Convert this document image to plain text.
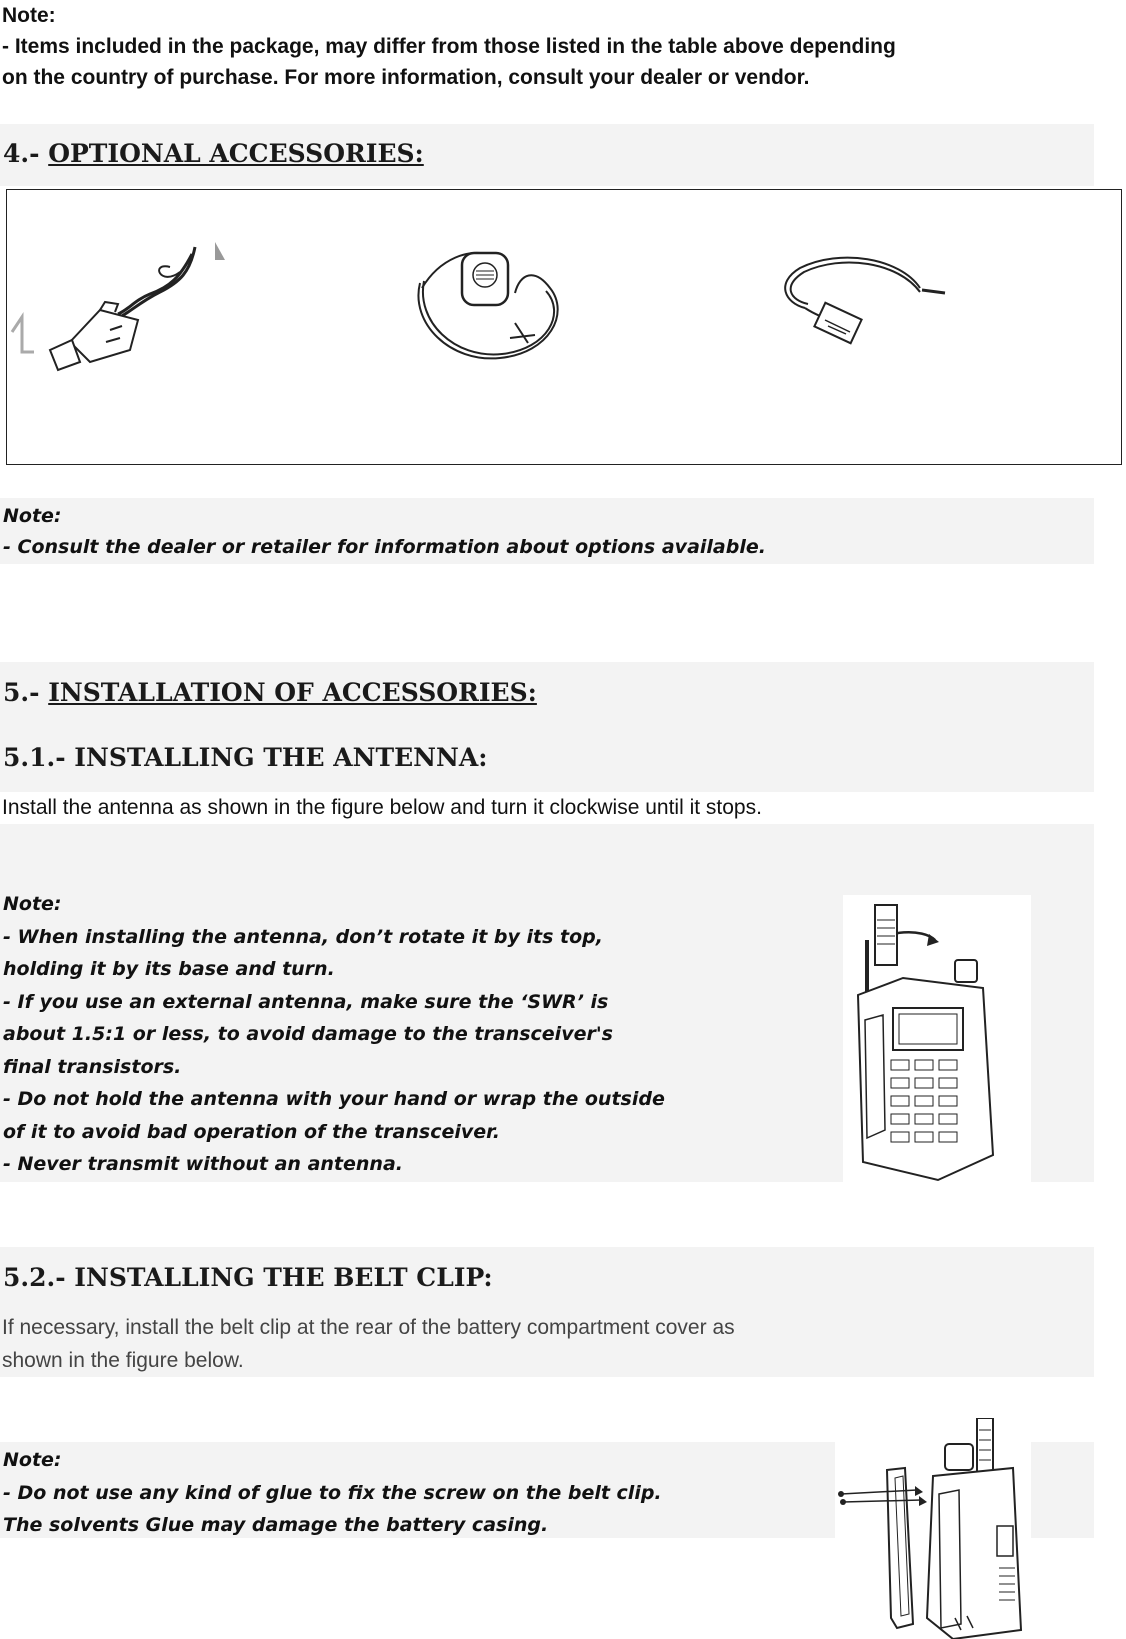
Note:
- Items included in the package, may differ from those listed in the table above depending
on the country of purchase. For more information, consult your dealer or vendor.
4.- OPTIONAL ACCESSORIES:
Note:
- Consult the dealer or retailer for information about options available.
5.- INSTALLATION OF ACCESSORIES:
5.1.- INSTALLING THE ANTENNA:
Install the antenna as shown in the figure below and turn it clockwise until it stops.
Note:
- When installing the antenna, don’t rotate it by its top,
holding it by its base and turn.
- If you use an external antenna, make sure the ‘SWR’ is
about 1.5:1 or less, to avoid damage to the transceiver's
final transistors.
- Do not hold the antenna with your hand or wrap the outside
of it to avoid bad operation of the transceiver.
- Never transmit without an antenna.
5.2.- INSTALLING THE BELT CLIP:
If necessary, install the belt clip at the rear of the battery compartment cover as
shown in the figure below.
Note:
- Do not use any kind of glue to fix the screw on the belt clip.
The solvents Glue may damage the battery casing.
